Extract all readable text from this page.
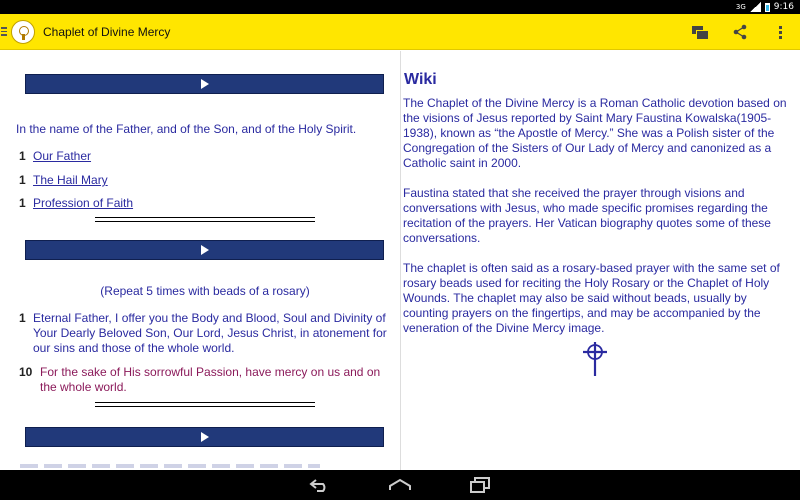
3G	9:16
Chaplet of Divine Mercy
In the name of the Father, and of the Son, and of the Holy Spirit.
1 Our Father
1 The Hail Mary
1 Profession of Faith
(Repeat 5 times with beads of a rosary)
1 Eternal Father, I offer you the Body and Blood, Soul and Divinity of Your Dearly Beloved Son, Our Lord, Jesus Christ, in atonement for our sins and those of the whole world.
10 For the sake of His sorrowful Passion, have mercy on us and on the whole world.
Wiki
The Chaplet of the Divine Mercy is a Roman Catholic devotion based on the visions of Jesus reported by Saint Mary Faustina Kowalska(1905-1938), known as “the Apostle of Mercy.” She was a Polish sister of the Congregation of the Sisters of Our Lady of Mercy and canonized as a Catholic saint in 2000.
Faustina stated that she received the prayer through visions and conversations with Jesus, who made specific promises regarding the recitation of the prayers. Her Vatican biography quotes some of these conversations.
The chaplet is often said as a rosary-based prayer with the same set of rosary beads used for reciting the Holy Rosary or the Chaplet of Holy Wounds. The chaplet may also be said without beads, usually by counting prayers on the fingertips, and may be accompanied by the veneration of the Divine Mercy image.
